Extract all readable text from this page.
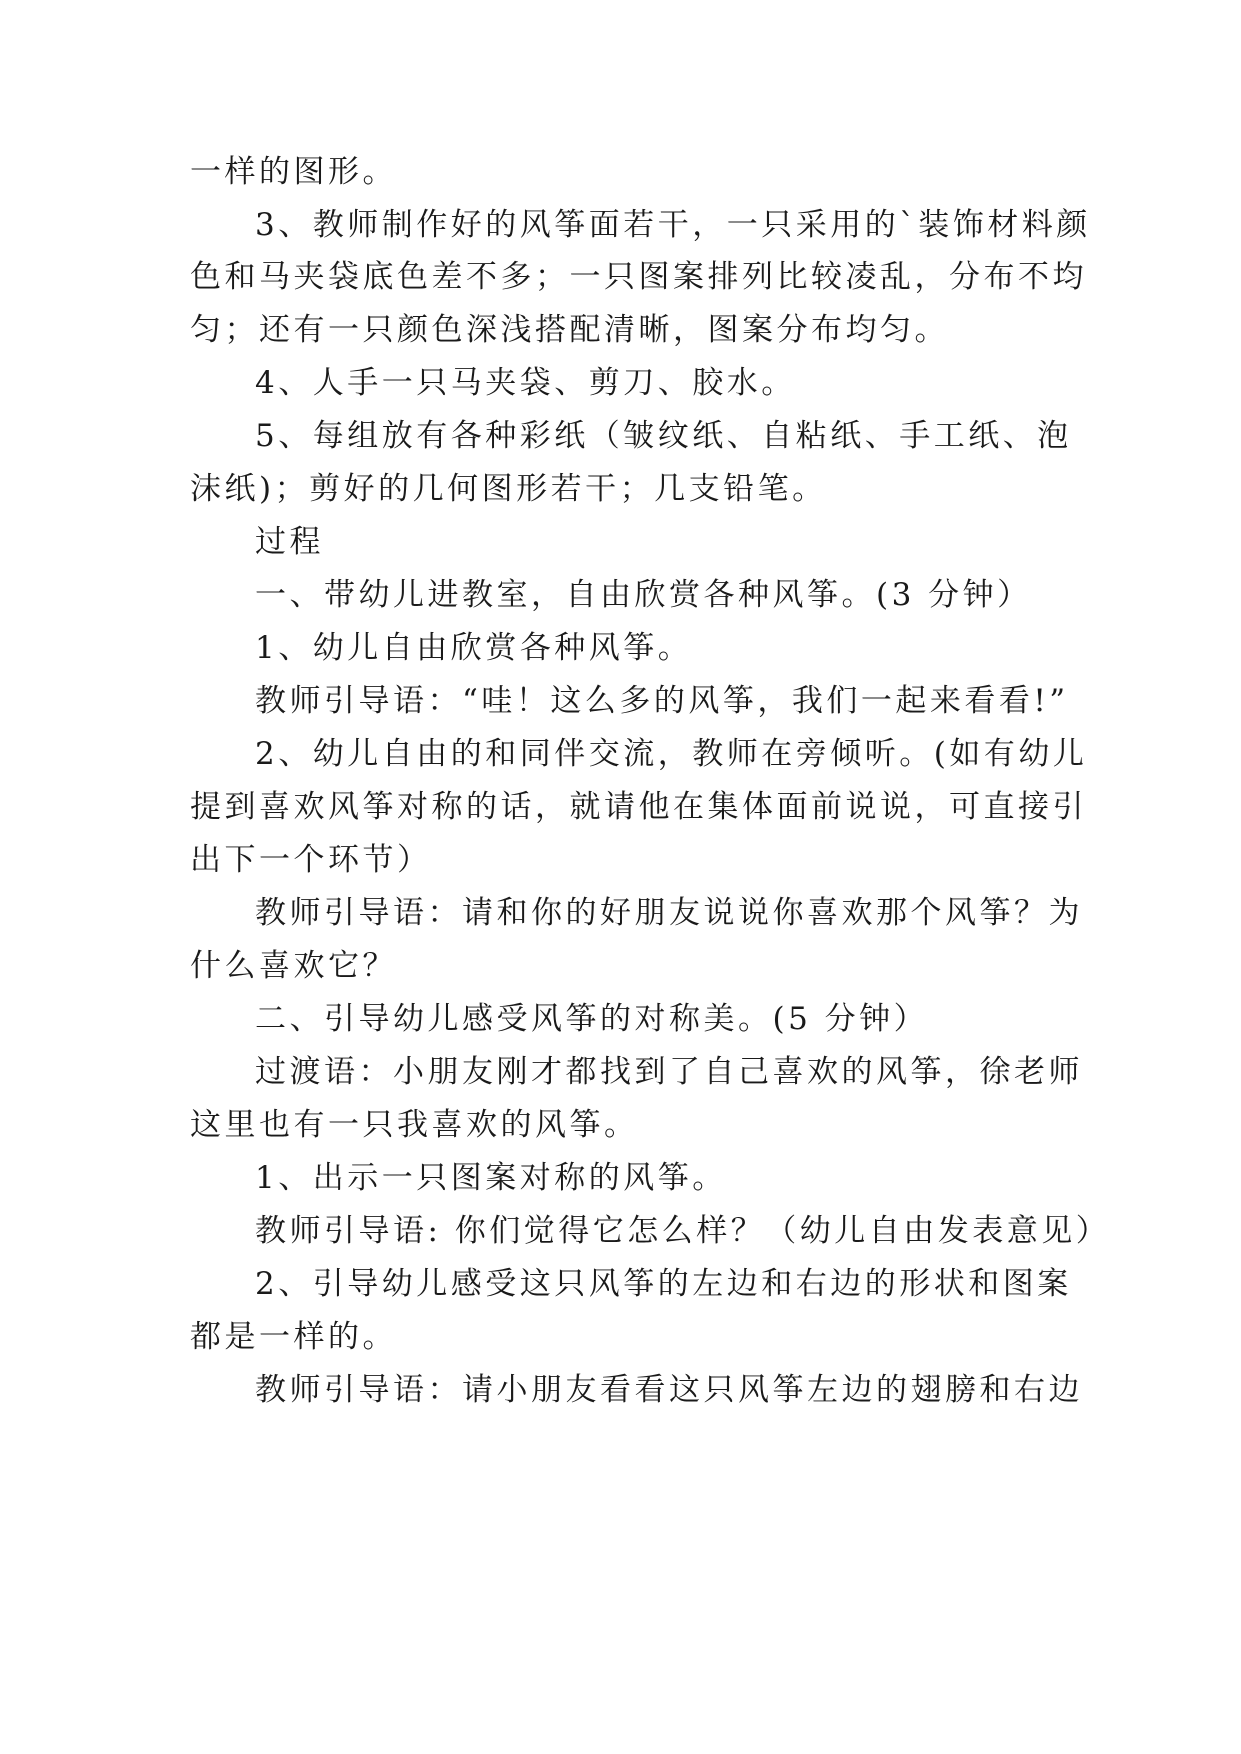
一样的图形。
3、教师制作好的风筝面若干，一只采用的`装饰材料颜
色和马夹袋底色差不多；一只图案排列比较凌乱，分布不均
匀；还有一只颜色深浅搭配清晰，图案分布均匀。
4、人手一只马夹袋、剪刀、胶水。
5、每组放有各种彩纸（皱纹纸、自粘纸、手工纸、泡
沫纸)；剪好的几何图形若干；几支铅笔。
过程
一、带幼儿进教室，自由欣赏各种风筝。(3 分钟）
1、幼儿自由欣赏各种风筝。
教师引导语：“哇！这么多的风筝，我们一起来看看!”
2、幼儿自由的和同伴交流，教师在旁倾听。(如有幼儿
提到喜欢风筝对称的话，就请他在集体面前说说，可直接引
出下一个环节）
教师引导语：请和你的好朋友说说你喜欢那个风筝？为
什么喜欢它？
二、引导幼儿感受风筝的对称美。(5 分钟）
过渡语：小朋友刚才都找到了自己喜欢的风筝，徐老师
这里也有一只我喜欢的风筝。
1、出示一只图案对称的风筝。
教师引导语: 你们觉得它怎么样？（幼儿自由发表意见）
2、引导幼儿感受这只风筝的左边和右边的形状和图案
都是一样的。
教师引导语：请小朋友看看这只风筝左边的翅膀和右边
